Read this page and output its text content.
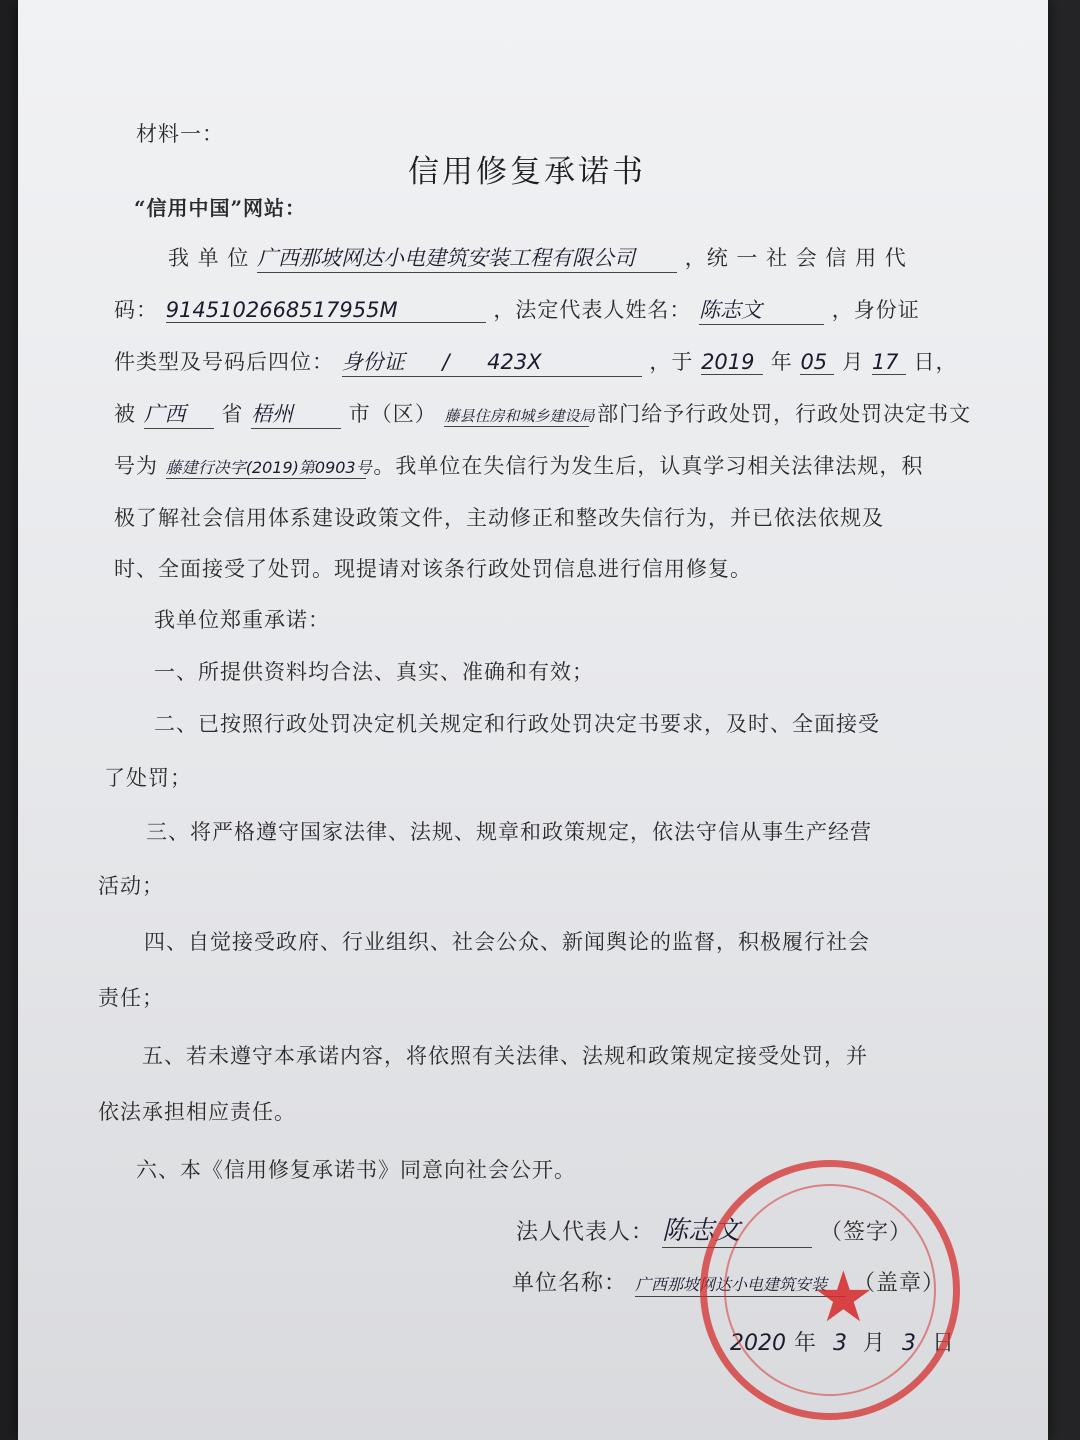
材料一：
信用修复承诺书
“信用中国”网站：
我 单 位 广西那坡网达小电建筑安装工程有限公司 ，统 一 社 会 信 用 代
码： 9145102668517955M	，法定代表人姓名： 陈志文	，身份证
件类型及号码后四位： 身份证 / 423X	，于 2019 年 05 月 17 日，
被 广西 省 梧州	市（区） 藤县住房和城乡建设局 部门给予行政处罚，行政处罚决定书文
号为 藤建行决字(2019)第0903号 。我单位在失信行为发生后，认真学习相关法律法规，积
极了解社会信用体系建设政策文件，主动修正和整改失信行为，并已依法依规及
时、全面接受了处罚。现提请对该条行政处罚信息进行信用修复。
我单位郑重承诺：
一、所提供资料均合法、真实、准确和有效；
二、已按照行政处罚决定机关规定和行政处罚决定书要求，及时、全面接受
了处罚；
三、将严格遵守国家法律、法规、规章和政策规定，依法守信从事生产经营
活动；
四、自觉接受政府、行业组织、社会公众、新闻舆论的监督，积极履行社会
责任；
五、若未遵守本承诺内容，将依照有关法律、法规和政策规定接受处罚，并
依法承担相应责任。
六、本《信用修复承诺书》同意向社会公开。
法人代表人： 陈志文	（签字）
单位名称： 广西那坡网达小电建筑安装 （盖章）
2020 年 3 月 3 日
★
